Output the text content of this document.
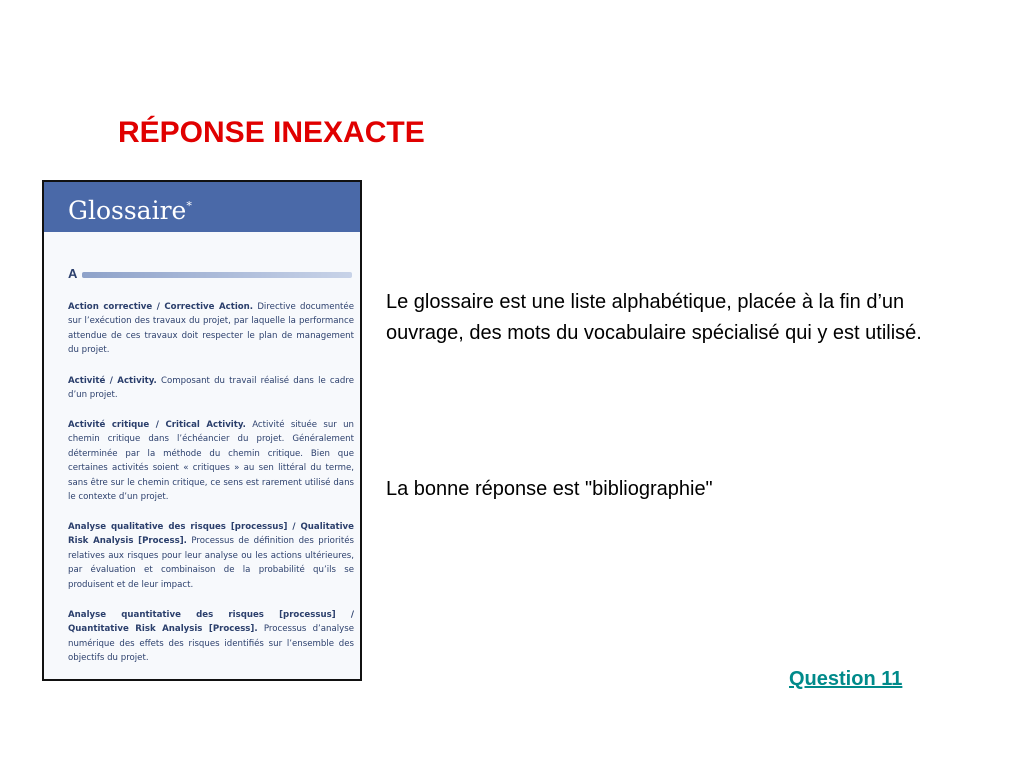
RÉPONSE INEXACTE
Glossaire*
A
Action corrective / Corrective Action. Directive documentée sur l’exécution des travaux du projet, par laquelle la performance attendue de ces travaux doit respecter le plan de management du projet.
Activité / Activity. Composant du travail réalisé dans le cadre d’un projet.
Activité critique / Critical Activity. Activité située sur un chemin critique dans l’échéancier du projet. Généralement déterminée par la méthode du chemin critique. Bien que certaines activités soient « critiques » au sen littéral du terme, sans être sur le chemin critique, ce sens est rarement utilisé dans le contexte d’un projet.
Analyse qualitative des risques [processus] / Qualitative Risk Analysis [Process]. Processus de définition des priorités relatives aux risques pour leur analyse ou les actions ultérieures, par évaluation et combinaison de la probabilité qu’ils se produisent et de leur impact.
Analyse quantitative des risques [processus] / Quantitative Risk Analysis [Process]. Processus d’analyse numérique des effets des risques identifiés sur l’ensemble des objectifs du projet.
Le glossaire est une liste alphabétique, placée à la fin d’un ouvrage, des mots du vocabulaire spécialisé qui y est utilisé.
La bonne réponse est "bibliographie"
Question 11
